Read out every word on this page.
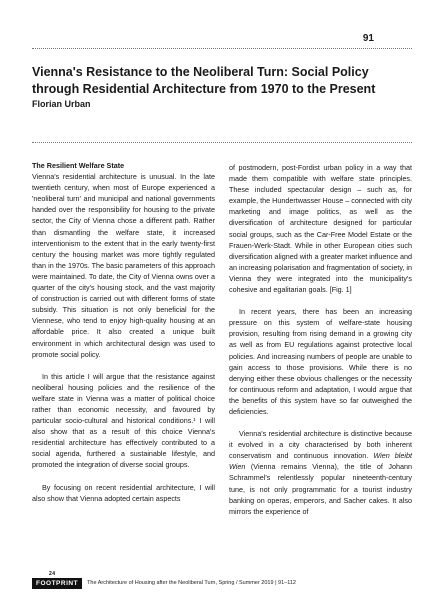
91
Vienna's Resistance to the Neoliberal Turn: Social Policy through Residential Architecture from 1970 to the Present
Florian Urban

The Resilient Welfare State

Vienna's residential architecture is unusual. In the late twentieth century, when most of Europe experienced a 'neoliberal turn' and municipal and national governments handed over the responsibility for housing to the private sector, the City of Vienna chose a different path. Rather than dismantling the welfare state, it increased interventionism to the extent that in the early twenty-first century the housing market was more tightly regulated than in the 1970s. The basic parameters of this approach were maintained. To date, the City of Vienna owns over a quarter of the city's housing stock, and the vast majority of construction is carried out with different forms of state subsidy. This situation is not only beneficial for the Viennese, who tend to enjoy high-quality housing at an affordable price. It also created a unique built environment in which architectural design was used to promote social policy.

In this article I will argue that the resistance against neoliberal housing policies and the resilience of the welfare state in Vienna was a matter of political choice rather than economic necessity, and favoured by particular socio-cultural and historical conditions.¹ I will also show that as a result of this choice Vienna's residential architecture has effectively contributed to a social agenda, furthered a sustainable lifestyle, and promoted the integration of diverse social groups.

By focusing on recent residential architecture, I will also show that Vienna adopted certain aspects

of postmodern, post-Fordist urban policy in a way that made them compatible with welfare state principles. These included spectacular design – such as, for example, the Hundertwasser House – connected with city marketing and image politics, as well as the diversification of architecture designed for particular social groups, such as the Car-Free Model Estate or the Frauen-Werk-Stadt. While in other European cities such diversification aligned with a greater market influence and an increasing polarisation and fragmentation of society, in Vienna they were integrated into the municipality's cohesive and egalitarian goals. [Fig. 1]

In recent years, there has been an increasing pressure on this system of welfare-state housing provision, resulting from rising demand in a growing city as well as from EU regulations against protective local policies. And increasing numbers of people are unable to gain access to those provisions. While there is no denying either these obvious challenges or the necessity for continuous reform and adaptation, I would argue that the benefits of this system have so far outweighed the deficiencies.

Vienna's residential architecture is distinctive because it evolved in a city characterised by both inherent conservatism and continuous innovation. Wien bleibt Wien (Vienna remains Vienna), the title of Johann Schrammel's relentlessly popular nineteenth-century tune, is not only programmatic for a tourist industry banking on operas, emperors, and Sacher cakes. It also mirrors the experience of

24
FOOTPRINT	The Architecture of Housing after the Neoliberal Turn, Spring / Summer 2019 | 91–112
